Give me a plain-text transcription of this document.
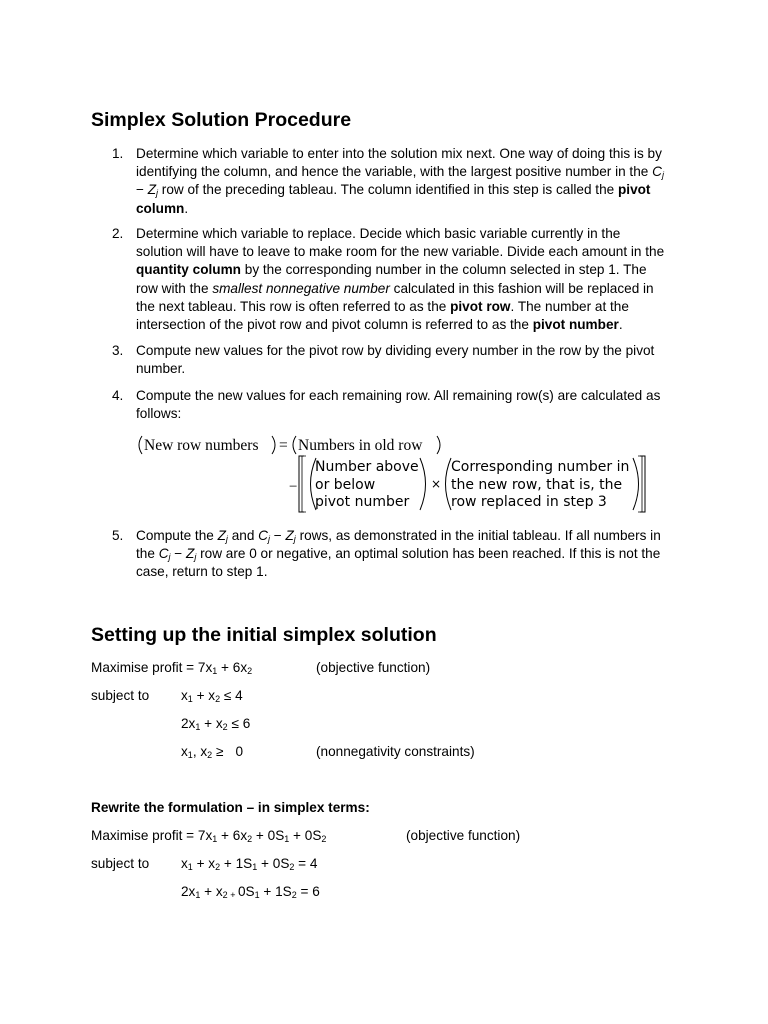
Simplex Solution Procedure
1. Determine which variable to enter into the solution mix next. One way of doing this is by
identifying the column, and hence the variable, with the largest positive number in the $C_j$
− $Z_j$ row of the preceding tableau. The column identified in this step is called the pivot
column.
2. Determine which variable to replace. Decide which basic variable currently in the
solution will have to leave to make room for the new variable. Divide each amount in the
quantity column by the corresponding number in the column selected in step 1. The
row with the smallest nonnegative number calculated in this fashion will be replaced in
the next tableau. This row is often referred to as the pivot row. The number at the
intersection of the pivot row and pivot column is referred to as the pivot number.
3. Compute new values for the pivot row by dividing every number in the row by the pivot
number.
4. Compute the new values for each remaining row. All remaining row(s) are calculated as
follows:
5. Compute the $Z_j$ and $C_j - Z_j$ rows, as demonstrated in the initial tableau. If all numbers in
the $C_j - Z_j$ row are 0 or negative, an optimal solution has been reached. If this is not the
case, return to step 1.
New row numbers = Numbers in old row
−
Number above
or below
pivot number
×
Corresponding number in
the new row, that is, the
row replaced in step 3
Setting up the initial simplex solution
Maximise profit = $7x_1 + 6x_2$	(objective function)
subject to $x_1 + x_2 \le 4$
$2x_1 + x_2 \le 6$
$x_1$, $x_2 \ge 0$	(nonnegativity constraints)
Rewrite the formulation – in simplex terms:
Maximise profit = $7x_1 + 6x_2 + 0S_1 + 0S_2$	(objective function)
subject to $x_1 + x_2 + 1S_1 + 0S_2 = 4$
$2x_1 + x_2$ $_+$ $0S_1 + 1S_2 = 6$
